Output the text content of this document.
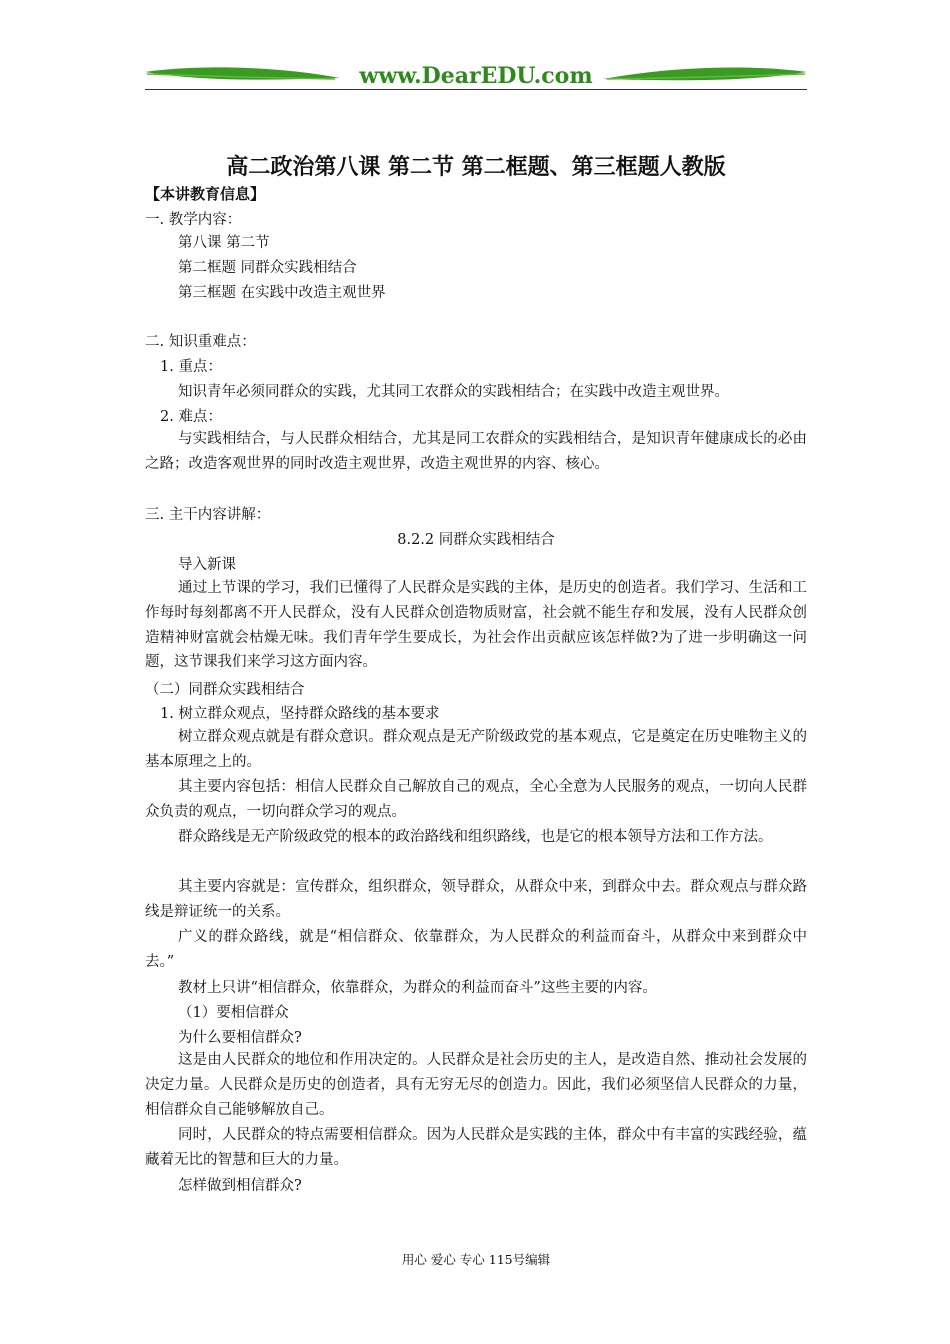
www.DearEDU.com
高二政治第八课 第二节 第二框题、第三框题人教版
【本讲教育信息】
一. 教学内容：
第八课 第二节
第二框题 同群众实践相结合
第三框题 在实践中改造主观世界
二. 知识重难点：
1. 重点：
知识青年必须同群众的实践，尤其同工农群众的实践相结合；在实践中改造主观世界。
2. 难点：
与实践相结合，与人民群众相结合，尤其是同工农群众的实践相结合，是知识青年健康成长的必由之路；改造客观世界的同时改造主观世界，改造主观世界的内容、核心。
三. 主干内容讲解：
8.2.2 同群众实践相结合
导入新课
通过上节课的学习，我们已懂得了人民群众是实践的主体，是历史的创造者。我们学习、生活和工作每时每刻都离不开人民群众，没有人民群众创造物质财富，社会就不能生存和发展，没有人民群众创造精神财富就会枯燥无味。我们青年学生要成长，为社会作出贡献应该怎样做?为了进一步明确这一问题，这节课我们来学习这方面内容。
（二）同群众实践相结合
1. 树立群众观点，坚持群众路线的基本要求
树立群众观点就是有群众意识。群众观点是无产阶级政党的基本观点，它是奠定在历史唯物主义的基本原理之上的。
其主要内容包括：相信人民群众自己解放自己的观点，全心全意为人民服务的观点，一切向人民群众负责的观点，一切向群众学习的观点。
群众路线是无产阶级政党的根本的政治路线和组织路线，也是它的根本领导方法和工作方法。
其主要内容就是：宣传群众，组织群众，领导群众，从群众中来，到群众中去。群众观点与群众路线是辩证统一的关系。
广义的群众路线，就是“相信群众、依靠群众，为人民群众的利益而奋斗，从群众中来到群众中去。”
教材上只讲“相信群众，依靠群众，为群众的利益而奋斗”这些主要的内容。
（1）要相信群众
为什么要相信群众?
这是由人民群众的地位和作用决定的。人民群众是社会历史的主人，是改造自然、推动社会发展的决定力量。人民群众是历史的创造者，具有无穷无尽的创造力。因此，我们必须坚信人民群众的力量，相信群众自己能够解放自己。
同时，人民群众的特点需要相信群众。因为人民群众是实践的主体，群众中有丰富的实践经验，蕴藏着无比的智慧和巨大的力量。
怎样做到相信群众?
用心 爱心 专心 115号编辑
